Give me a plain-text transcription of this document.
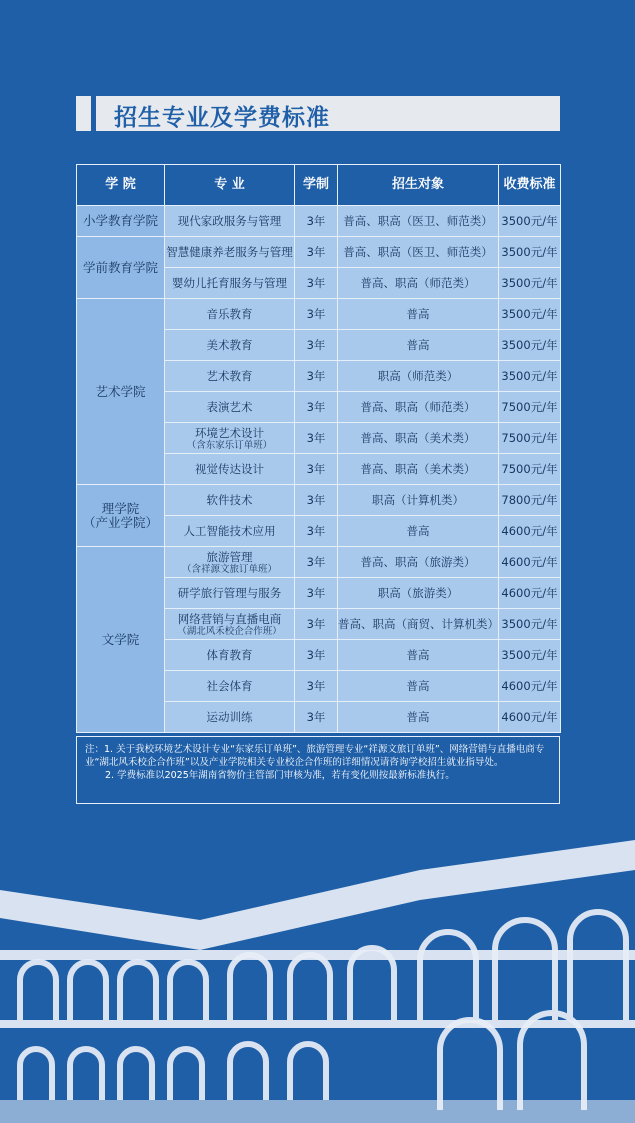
招生专业及学费标准
学 院	专 业	学制	招生对象	收费标准
小学教育学院	现代家政服务与管理	3年	普高、职高（医卫、师范类）	3500元/年
学前教育学院	智慧健康养老服务与管理	3年	普高、职高（医卫、师范类）	3500元/年
	婴幼儿托育服务与管理	3年	普高、职高（师范类）	3500元/年
艺术学院	音乐教育	3年	普高	3500元/年
	美术教育	3年	普高	3500元/年
	艺术教育	3年	职高（师范类）	3500元/年
	表演艺术	3年	普高、职高（师范类）	7500元/年
	环境艺术设计
（含东家乐订单班）	3年	普高、职高（美术类）	7500元/年
	视觉传达设计	3年	普高、职高（美术类）	7500元/年
理学院
（产业学院）	软件技术	3年	职高（计算机类）	7800元/年
	人工智能技术应用	3年	普高	4600元/年
文学院	旅游管理
（含祥源文旅订单班）	3年	普高、职高（旅游类）	4600元/年
	研学旅行管理与服务	3年	职高（旅游类）	4600元/年
	网络营销与直播电商
（湖北风禾校企合作班）	3年	普高、职高（商贸、计算机类）	3500元/年
	体育教育	3年	普高	3500元/年
	社会体育	3年	普高	4600元/年
	运动训练	3年	普高	4600元/年

注：1. 关于我校环境艺术设计专业“东家乐订单班”、旅游管理专业“祥源文旅订单班”、网络营销与直播电商专业“湖北风禾校企合作班”以及产业学院相关专业校企合作班的详细情况请咨询学校招生就业指导处。

2. 学费标准以2025年湖南省物价主管部门审核为准，若有变化则按最新标准执行。
